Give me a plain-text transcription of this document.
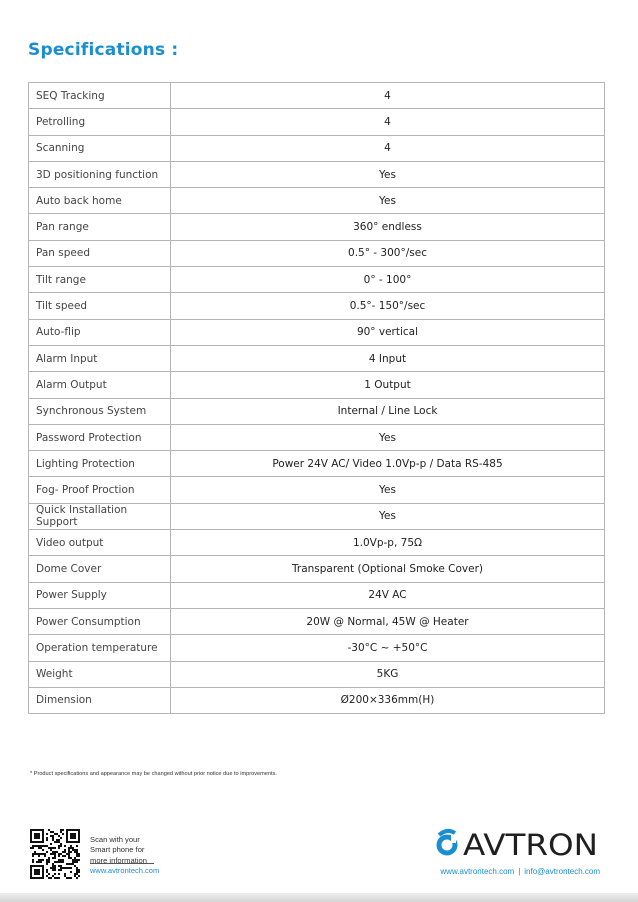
Specifications :
SEQ Tracking	4
Petrolling	4
Scanning	4
3D positioning function	Yes
Auto back home	Yes
Pan range	360° endless
Pan speed	0.5° - 300°/sec
Tilt range	0° - 100°
Tilt speed	0.5°- 150°/sec
Auto-flip	90° vertical
Alarm Input	4 Input
Alarm Output	1 Output
Synchronous System	Internal / Line Lock
Password Protection	Yes
Lighting Protection	Power 24V AC/ Video 1.0Vp-p / Data RS-485
Fog- Proof Proction	Yes
Quick Installation Support	Yes
Video output	1.0Vp-p, 75Ω
Dome Cover	Transparent (Optional Smoke Cover)
Power Supply	24V AC
Power Consumption	20W @ Normal, 45W @ Heater
Operation temperature	-30°C ~ +50°C
Weight	5KG
Dimension	Ø200×336mm(H)
* Product specifications and appearance may be changed without prior notice due to improvements.
Scan with your
Smart phone for
more information
www.avtrontech.com
AVTRON
www.avtrontech.com | info@avtrontech.com
